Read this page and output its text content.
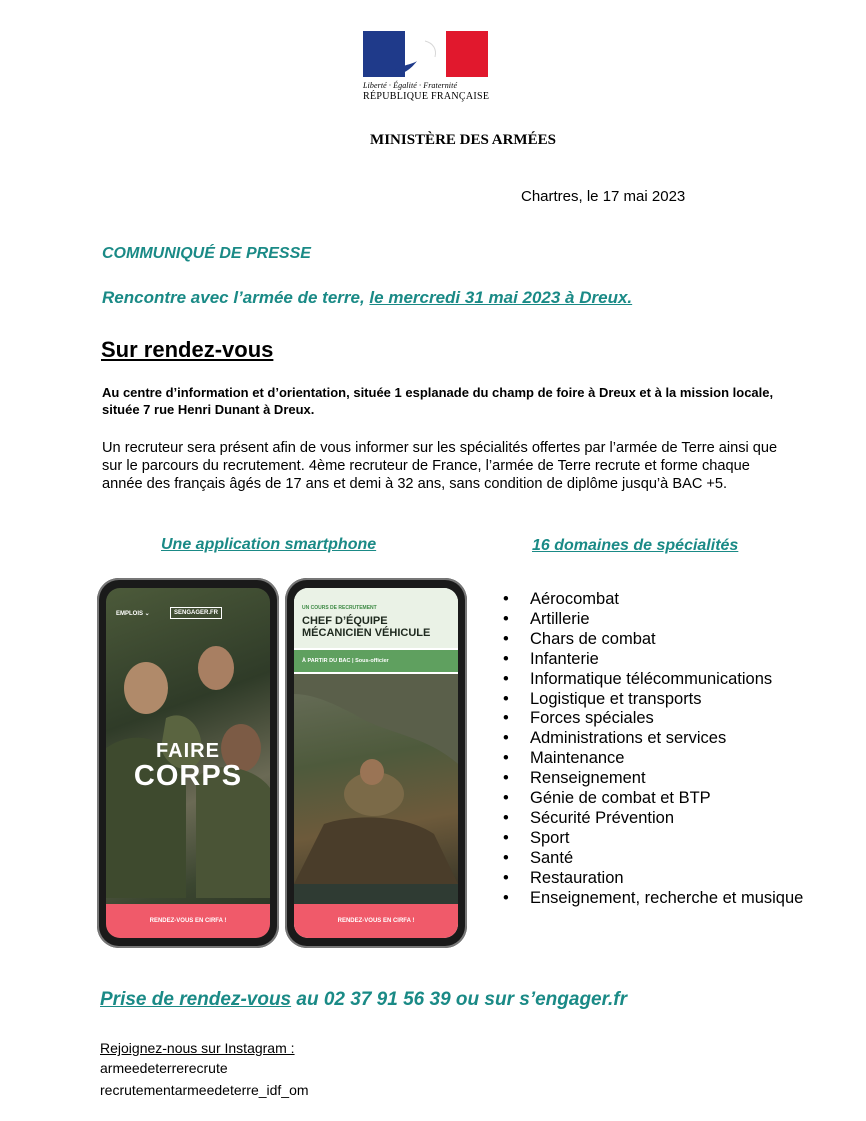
Liberté · Égalité · Fraternité
RÉPUBLIQUE FRANÇAISE
MINISTÈRE DES ARMÉES
Chartres, le 17 mai 2023
COMMUNIQUÉ DE PRESSE
Rencontre avec l’armée de terre, le mercredi 31 mai 2023 à Dreux.
Sur rendez-vous
Au centre d’information et d’orientation, située 1 esplanade du champ de foire à Dreux et à la mission locale, située 7 rue Henri Dunant à Dreux.
Un recruteur sera présent afin de vous informer sur les spécialités offertes par l’armée de Terre ainsi que sur le parcours du recrutement. 4ème recruteur de France, l’armée de Terre recrute et forme chaque année des français âgés de 17 ans et demi à 32 ans, sans condition de diplôme jusqu’à BAC +5.
Une application smartphone	16 domaines de spécialités
EMPLOIS ⌄	SENGAGER.FR
FAIRE
CORPS
RENDEZ-VOUS EN CIRFA !
UN COURS DE RECRUTEMENT
CHEF D’ÉQUIPE MÉCANICIEN VÉHICULE
À PARTIR DU BAC | Sous-officier
RENDEZ-VOUS EN CIRFA !
• Aérocombat
• Artillerie
• Chars de combat
• Infanterie
• Informatique télécommunications
• Logistique et transports
• Forces spéciales
• Administrations et services
• Maintenance
• Renseignement
• Génie de combat et BTP
• Sécurité Prévention
• Sport
• Santé
• Restauration
• Enseignement, recherche et musique
Prise de rendez-vous au 02 37 91 56 39 ou sur s’engager.fr
Rejoignez-nous sur Instagram :
armeedeterrerecrute
recrutementarmeedeterre_idf_om
